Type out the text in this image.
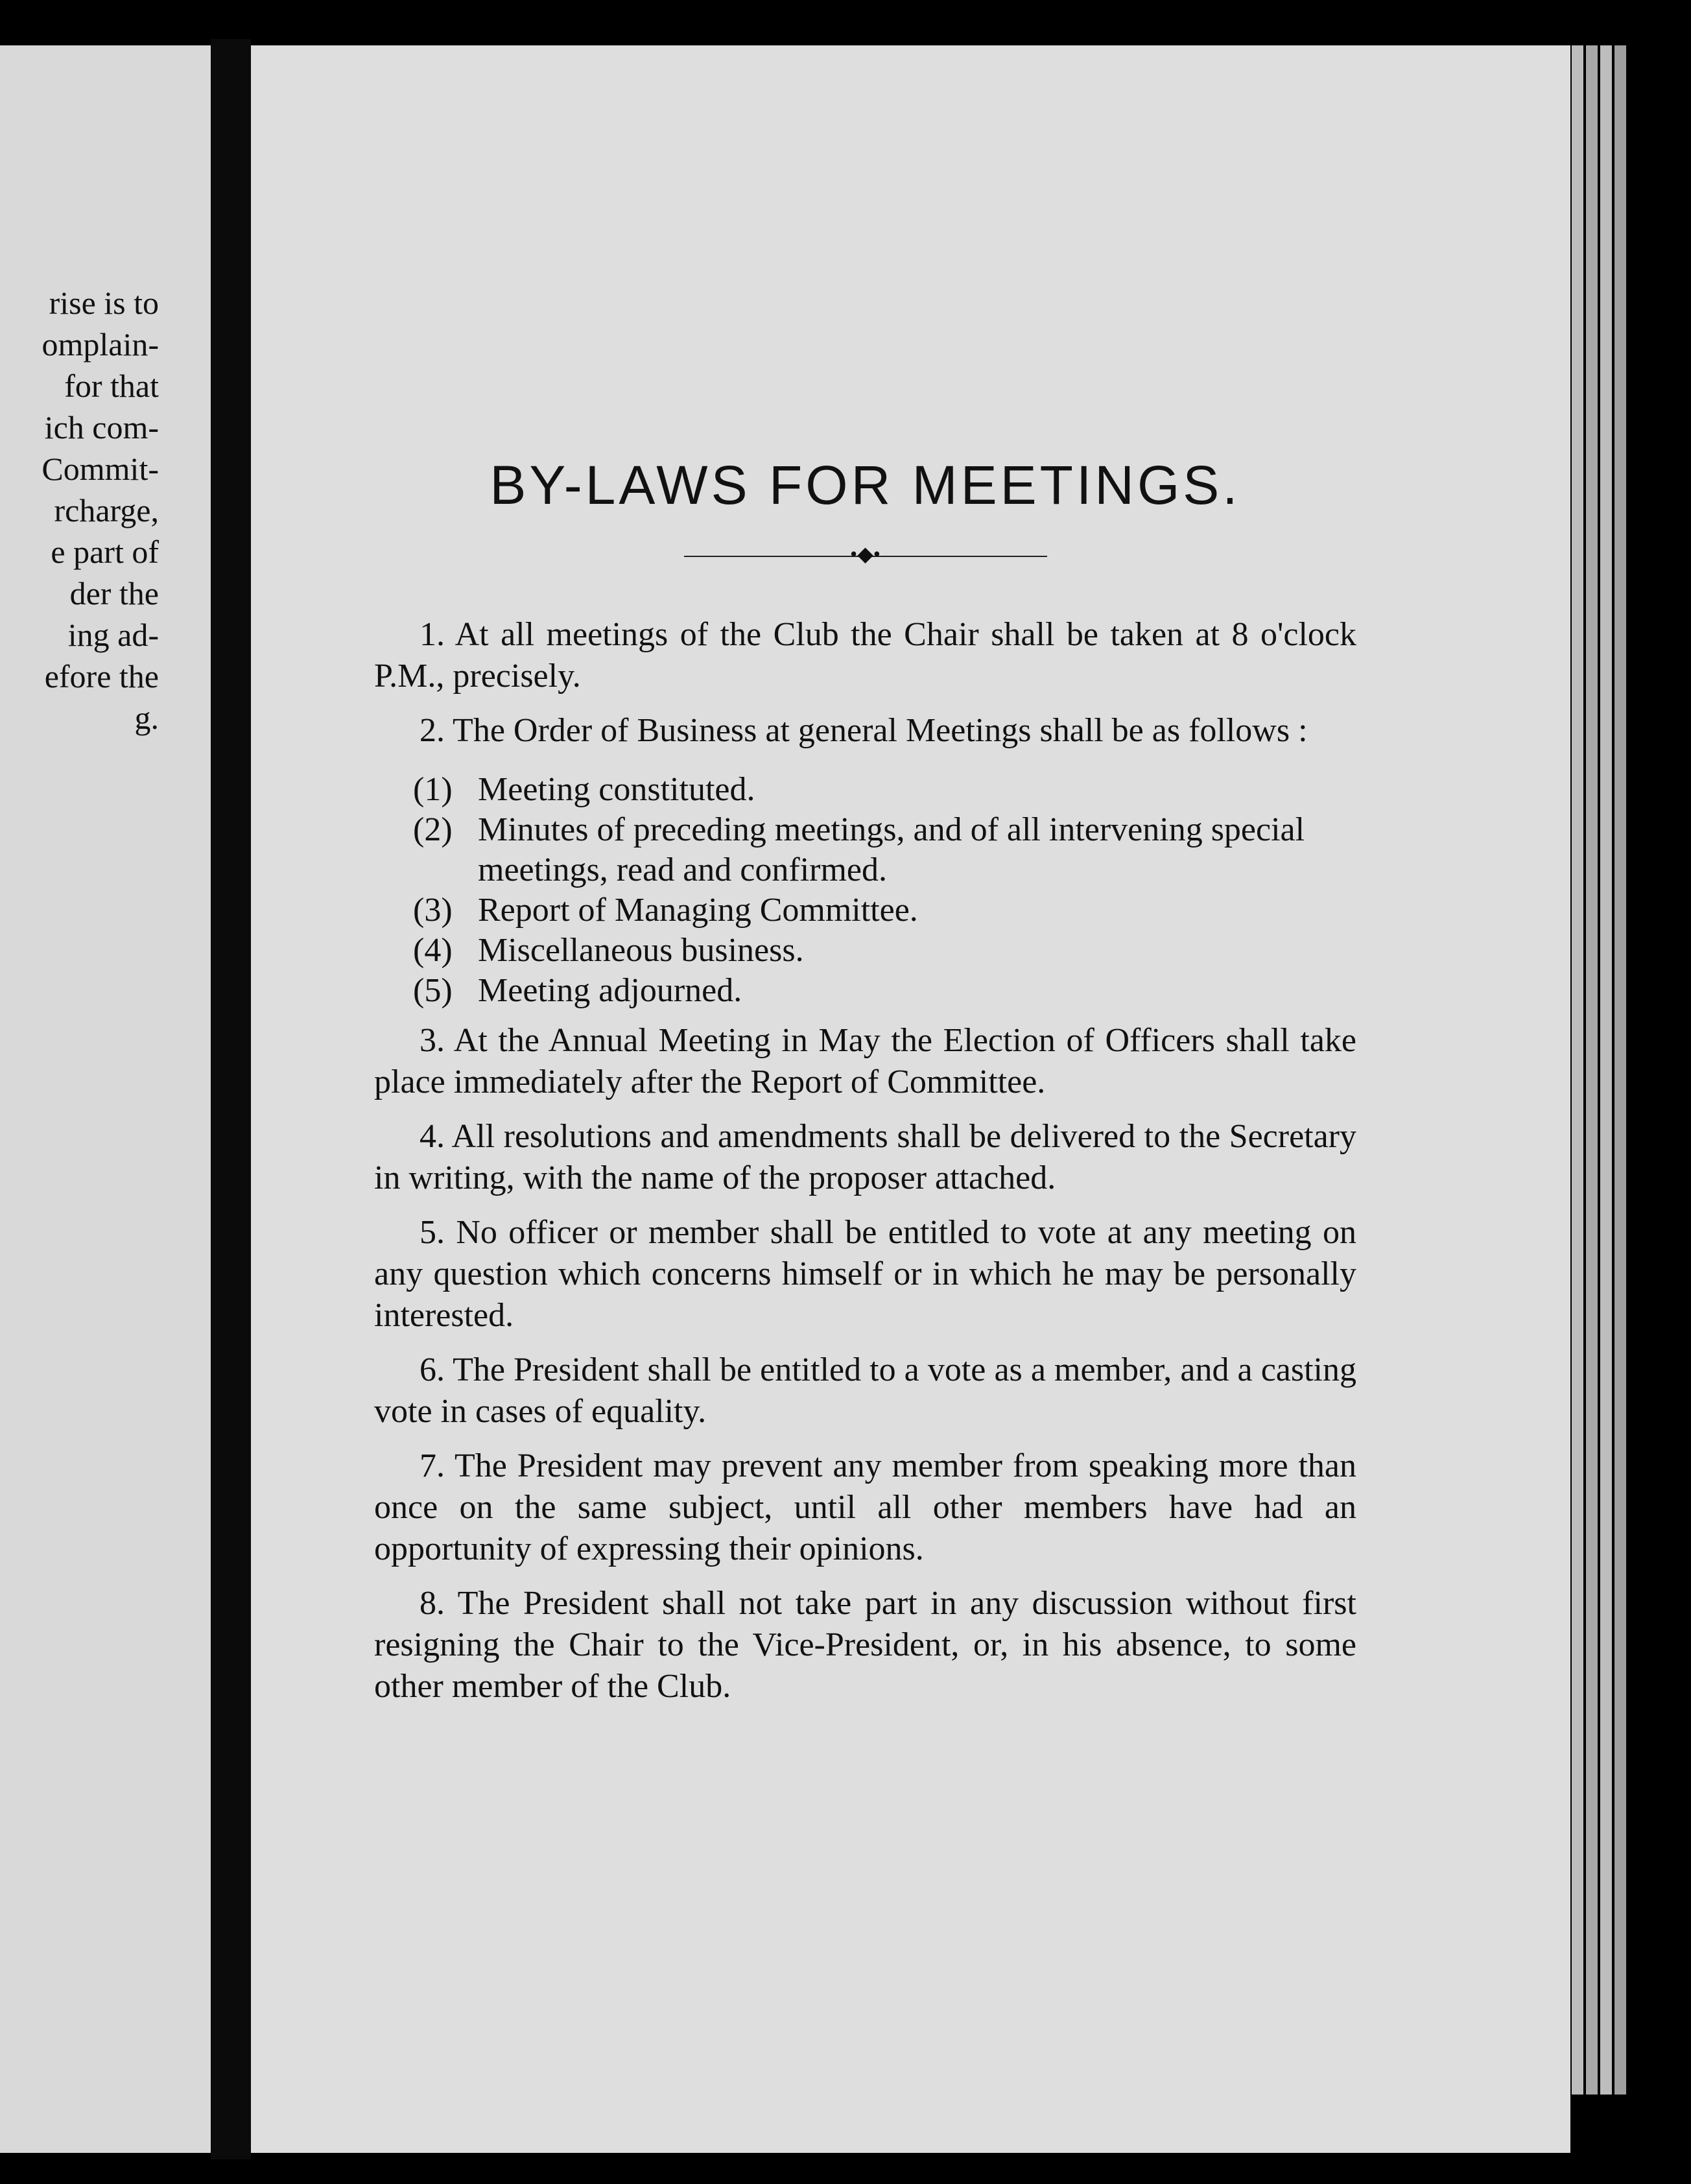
rise is to
omplain-
for that
ich com-
Commit-
rcharge,
e part of
der the
ing ad-
efore the
g.
BY-LAWS FOR MEETINGS.
•◆•

1. At all meetings of the Club the Chair shall be taken at 8 o'clock P.M., precisely.

2. The Order of Business at general Meetings shall be as follows :

(1) Meeting constituted.
(2) Minutes of preceding meetings, and of all intervening special meetings, read and confirmed.
(3) Report of Managing Committee.
(4) Miscellaneous business.
(5) Meeting adjourned.

3. At the Annual Meeting in May the Election of Officers shall take place immediately after the Report of Committee.

4. All resolutions and amendments shall be delivered to the Secretary in writing, with the name of the proposer attached.

5. No officer or member shall be entitled to vote at any meeting on any question which concerns himself or in which he may be personally interested.

6. The President shall be entitled to a vote as a member, and a casting vote in cases of equality.

7. The President may prevent any member from speaking more than once on the same subject, until all other members have had an opportunity of expressing their opinions.

8. The President shall not take part in any discussion without first resigning the Chair to the Vice-President, or, in his absence, to some other member of the Club.
